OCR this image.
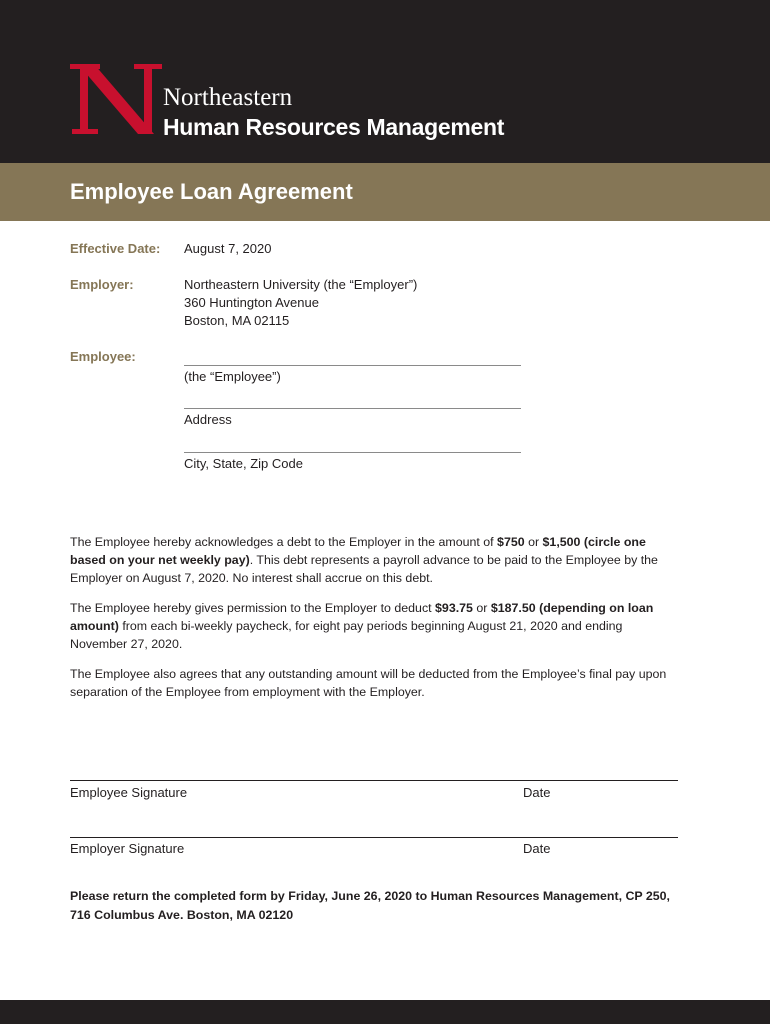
Northeastern
Human Resources Management
Employee Loan Agreement
Effective Date: August 7, 2020
Employer:	Northeastern University (the “Employer”)
360 Huntington Avenue
Boston, MA 02115
Employee:
(the “Employee”)
Address
City, State, Zip Code

The Employee hereby acknowledges a debt to the Employer in the amount of $750 or $1,500 (circle one based on your net weekly pay). This debt represents a payroll advance to be paid to the Employee by the Employer on August 7, 2020. No interest shall accrue on this debt.

The Employee hereby gives permission to the Employer to deduct $93.75 or $187.50 (depending on loan amount) from each bi-weekly paycheck, for eight pay periods beginning August 21, 2020 and ending November 27, 2020.

The Employee also agrees that any outstanding amount will be deducted from the Employee’s final pay upon separation of the Employee from employment with the Employer.

Employee Signature	Date
Employer Signature	Date
Please return the completed form by Friday, June 26, 2020 to Human Resources Management, CP 250, 716 Columbus Ave. Boston, MA 02120
